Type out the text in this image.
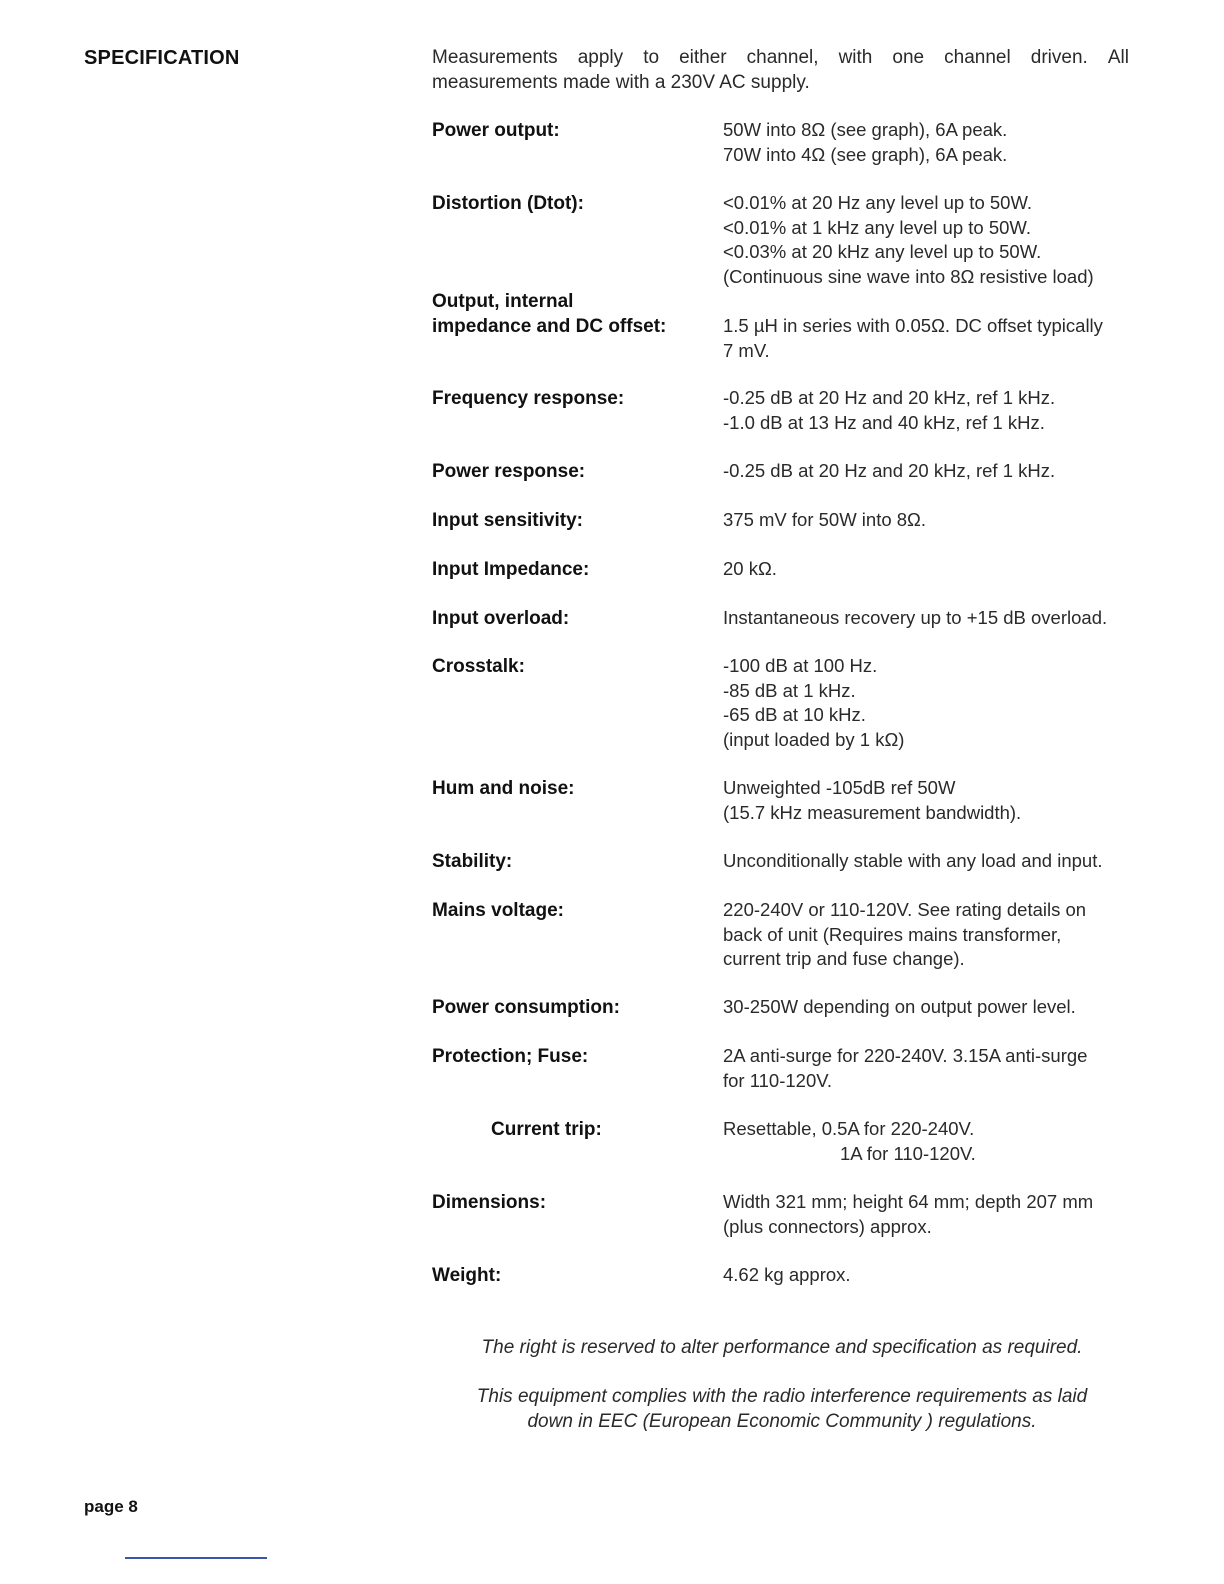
SPECIFICATION	Measurements apply to either channel, with one channel driven. All
measurements made with a 230V AC supply.
Power output:	50W into 8Ω (see graph), 6A peak.
70W into 4Ω (see graph), 6A peak.
Distortion (Dtot):	<0.01% at 20 Hz any level up to 50W.
<0.01% at 1 kHz any level up to 50W.
<0.03% at 20 kHz any level up to 50W.
(Continuous sine wave into 8Ω resistive load)
Output, internal
impedance and DC offset:	1.5 µH in series with 0.05Ω. DC offset typically
7 mV.
Frequency response:	-0.25 dB at 20 Hz and 20 kHz, ref 1 kHz.
-1.0 dB at 13 Hz and 40 kHz, ref 1 kHz.
Power response:	-0.25 dB at 20 Hz and 20 kHz, ref 1 kHz.
Input sensitivity:	375 mV for 50W into 8Ω.
Input Impedance:	20 kΩ.
Input overload:	Instantaneous recovery up to +15 dB overload.
Crosstalk:	-100 dB at 100 Hz.
-85 dB at 1 kHz.
-65 dB at 10 kHz.
(input loaded by 1 kΩ)
Hum and noise:	Unweighted -105dB ref 50W
(15.7 kHz measurement bandwidth).
Stability:	Unconditionally stable with any load and input.
Mains voltage:	220-240V or 110-120V. See rating details on
back of unit (Requires mains transformer,
current trip and fuse change).
Power consumption:	30-250W depending on output power level.
Protection; Fuse:	2A anti-surge for 220-240V. 3.15A anti-surge
for 110-120V.
Current trip:	Resettable, 0.5A for 220-240V.
1A for 110-120V.
Dimensions:	Width 321 mm; height 64 mm; depth 207 mm
(plus connectors) approx.
Weight:	4.62 kg approx.
The right is reserved to alter performance and specification as required.
This equipment complies with the radio interference requirements as laid
down in EEC (European Economic Community ) regulations.
page 8
